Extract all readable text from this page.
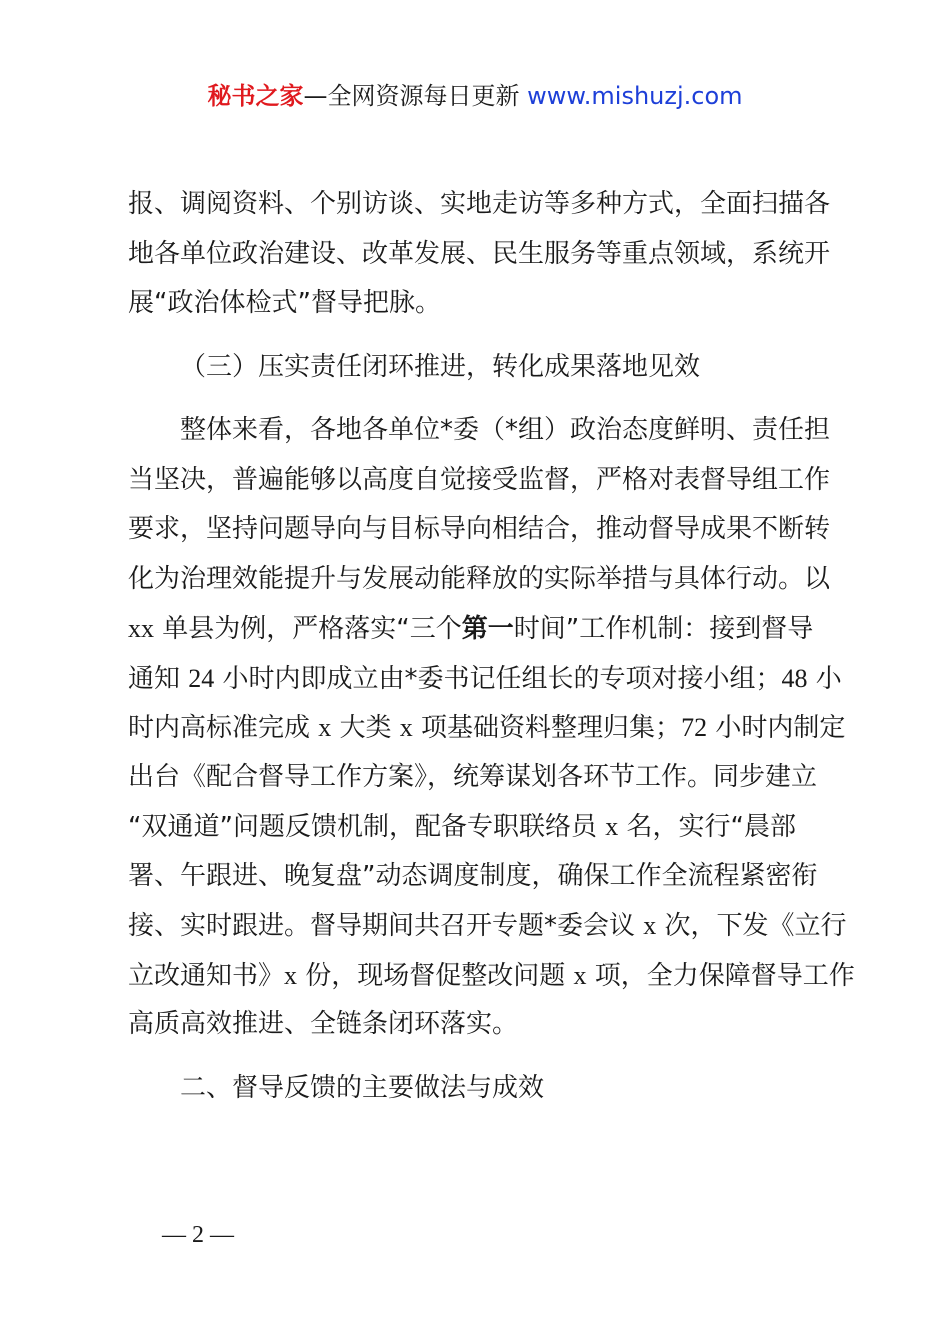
秘书之家—全网资源每日更新 www.mishuzj.com
报、调阅资料、个别访谈、实地走访等多种方式，全面扫描各
地各单位政治建设、改革发展、民生服务等重点领域，系统开
展“政治体检式”督导把脉。
（三）压实责任闭环推进，转化成果落地见效
整体来看，各地各单位*委（*组）政治态度鲜明、责任担
当坚决，普遍能够以高度自觉接受监督，严格对表督导组工作
要求，坚持问题导向与目标导向相结合，推动督导成果不断转
化为治理效能提升与发展动能释放的实际举措与具体行动。以
xx 单县为例，严格落实“三个第一时间”工作机制：接到督导
通知 24 小时内即成立由*委书记任组长的专项对接小组；48 小
时内高标准完成 x 大类 x 项基础资料整理归集；72 小时内制定
出台《配合督导工作方案》，统筹谋划各环节工作。同步建立
“双通道”问题反馈机制，配备专职联络员 x 名，实行“晨部
署、午跟进、晚复盘”动态调度制度，确保工作全流程紧密衔
接、实时跟进。督导期间共召开专题*委会议 x 次，下发《立行
立改通知书》x 份，现场督促整改问题 x 项，全力保障督导工作
高质高效推进、全链条闭环落实。
二、督导反馈的主要做法与成效
— 2 —
